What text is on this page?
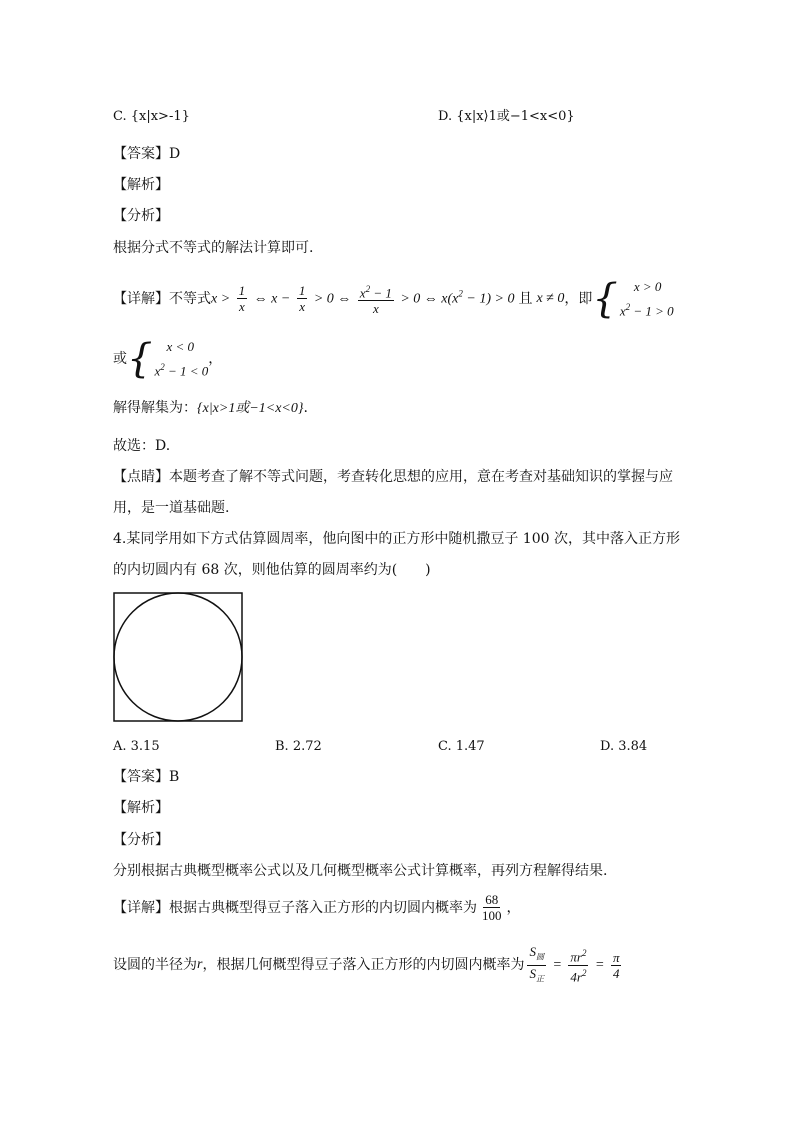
C. {x|x>-1}	D. {x|x⟩1或−1<x<0}
【答案】D
【解析】
【分析】
根据分式不等式的解法计算即可.
【详解】不等式 $x > \frac{1}{x}$ ⇔ $x - \frac{1}{x} > 0$ ⇔ $\frac{x^2 - 1}{x} > 0$ ⇔ $x(x^2 - 1) > 0$ 且 x ≠ 0 ，即 {	x > 0
$x^2 - 1 > 0$
或 {	x < 0
$x^2 - 1 < 0$
，
解得解集为：{x|x>1或−1<x<0}.
故选：D.
【点睛】本题考查了解不等式问题，考查转化思想的应用，意在考查对基础知识的掌握与应
用，是一道基础题.
4.某同学用如下方式估算圆周率，他向图中的正方形中随机撒豆子 100 次，其中落入正方形
的内切圆内有 68 次，则他估算的圆周率约为(　　)
A. 3.15	B. 2.72	C. 1.47	D. 3.84
【答案】B
【解析】
【分析】
分别根据古典概型概率公式以及几何概型概率公式计算概率，再列方程解得结果.
【详解】根据古典概型得豆子落入正方形的内切圆内概率为 $\frac{68}{100}$ ，
设圆的半径为 r ，根据几何概型得豆子落入正方形的内切圆内概率为 $\frac{S_圆}{S_正} = \frac{\pi r^2}{4r^2} = \frac{\pi}{4}$
